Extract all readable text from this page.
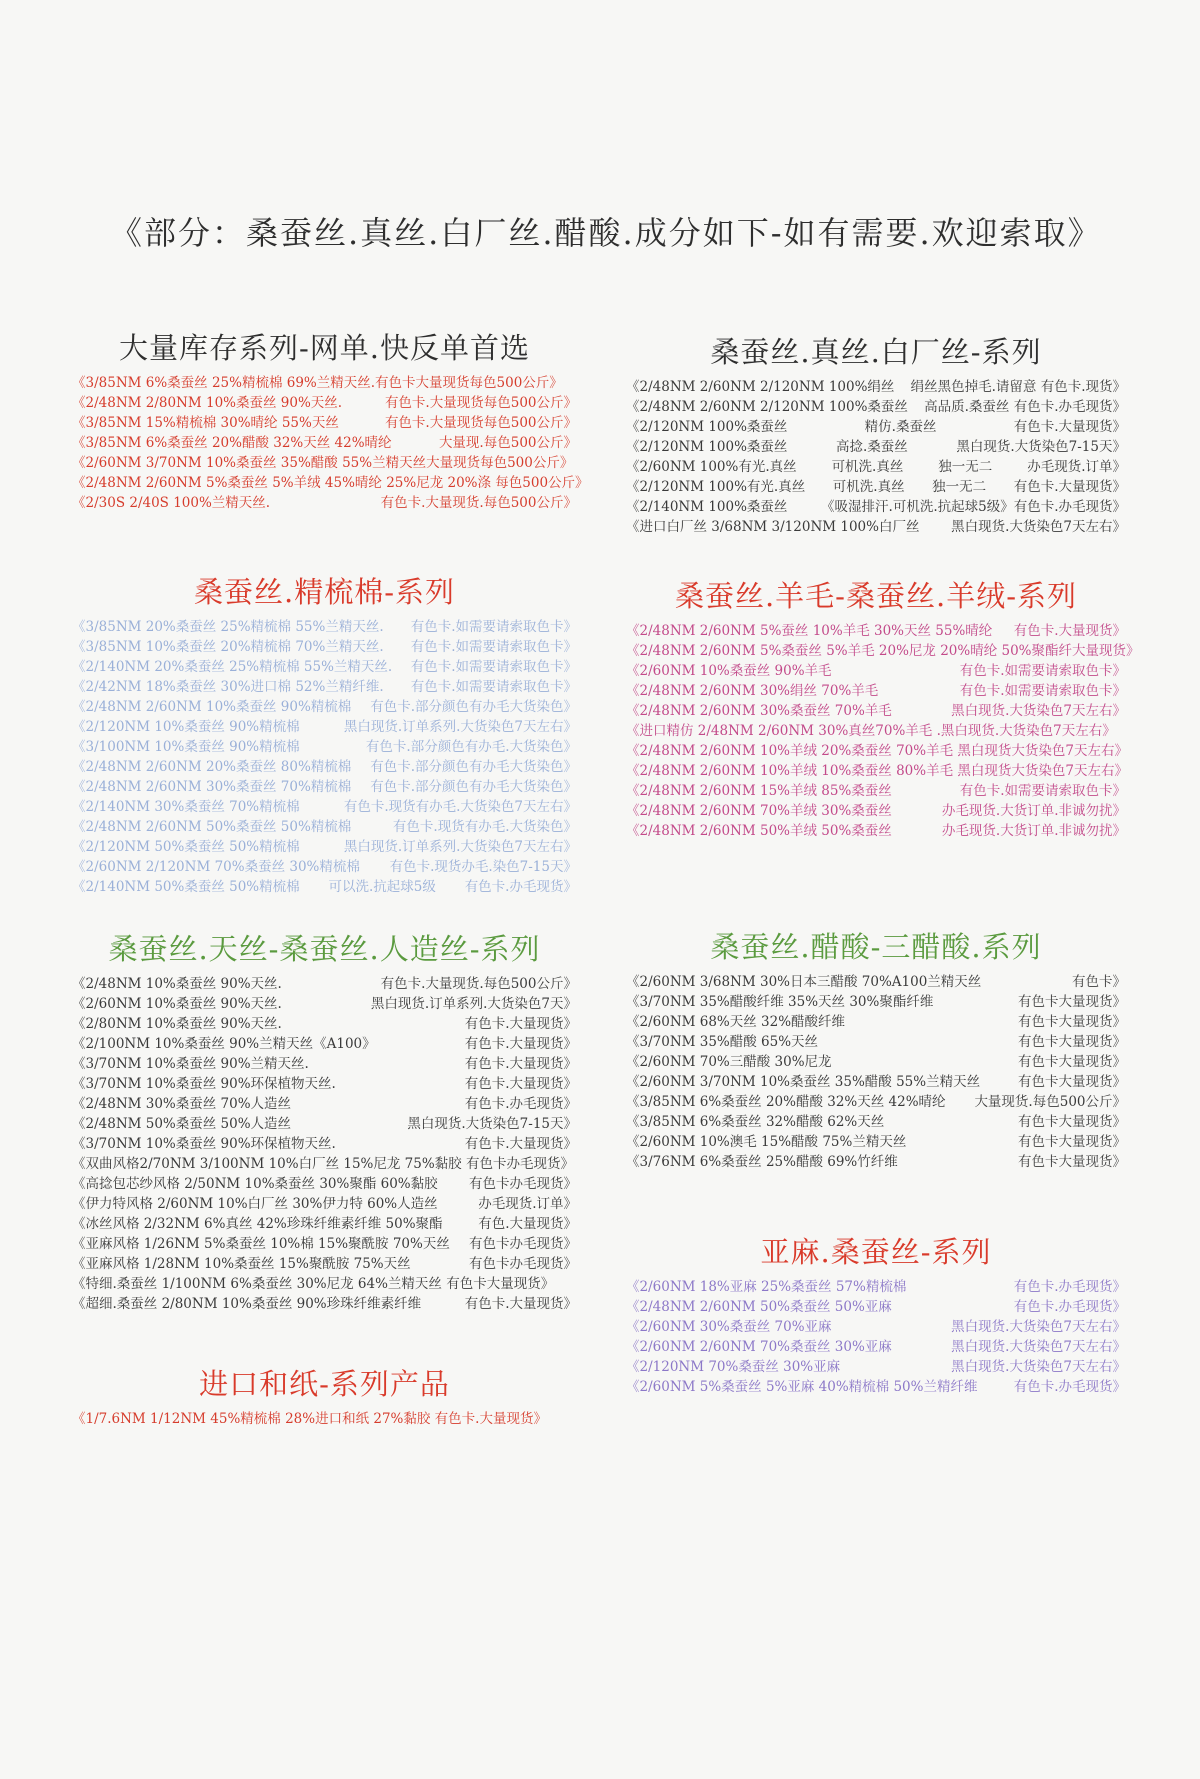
《部分：桑蚕丝.真丝.白厂丝.醋酸.成分如下-如有需要.欢迎索取》
大量库存系列-网单.快反单首选
《3/85NM 6%桑蚕丝 25%精梳棉 69%兰精天丝.有色卡大量现货每色500公斤》
《2/48NM 2/80NM 10%桑蚕丝 90%天丝.	有色卡.大量现货每色500公斤》
《3/85NM 15%精梳棉 30%晴纶 55%天丝	有色卡.大量现货每色500公斤》
《3/85NM 6%桑蚕丝 20%醋酸 32%天丝 42%晴纶	大量现.每色500公斤》
《2/60NM 3/70NM 10%桑蚕丝 35%醋酸 55%兰精天丝大量现货每色500公斤》
《2/48NM 2/60NM 5%桑蚕丝 5%羊绒 45%晴纶 25%尼龙 20%涤 每色500公斤》
《2/30S 2/40S 100%兰精天丝.	有色卡.大量现货.每色500公斤》
桑蚕丝.真丝.白厂丝-系列
《2/48NM 2/60NM 2/120NM 100%绢丝 绢丝黑色掉毛.请留意 有色卡.现货》
《2/48NM 2/60NM 2/120NM 100%桑蚕丝 高品质.桑蚕丝 有色卡.办毛现货》
《2/120NM 100%桑蚕丝	精仿.桑蚕丝	有色卡.大量现货》
《2/120NM 100%桑蚕丝	高捻.桑蚕丝	黑白现货.大货染色7-15天》
《2/60NM 100%有光.真丝	可机洗.真丝	独一无二	办毛现货.订单》
《2/120NM 100%有光.真丝 可机洗.真丝 独一无二 有色卡.大量现货》
《2/140NM 100%桑蚕丝 《吸湿排汗.可机洗.抗起球5级》有色卡.办毛现货》
《进口白厂丝 3/68NM 3/120NM 100%白厂丝 黑白现货.大货染色7天左右》
桑蚕丝.精梳棉-系列
《3/85NM 20%桑蚕丝 25%精梳棉 55%兰精天丝. 有色卡.如需要请索取色卡》
《3/85NM 10%桑蚕丝 20%精梳棉 70%兰精天丝. 有色卡.如需要请索取色卡》
《2/140NM 20%桑蚕丝 25%精梳棉 55%兰精天丝. 有色卡.如需要请索取色卡》
《2/42NM 18%桑蚕丝 30%进口棉 52%兰精纤维. 有色卡.如需要请索取色卡》
《2/48NM 2/60NM 10%桑蚕丝 90%精梳棉 有色卡.部分颜色有办毛大货染色》
《2/120NM 10%桑蚕丝 90%精梳棉	黑白现货.订单系列.大货染色7天左右》
《3/100NM 10%桑蚕丝 90%精梳棉	有色卡.部分颜色有办毛.大货染色》
《2/48NM 2/60NM 20%桑蚕丝 80%精梳棉 有色卡.部分颜色有办毛大货染色》
《2/48NM 2/60NM 30%桑蚕丝 70%精梳棉 有色卡.部分颜色有办毛大货染色》
《2/140NM 30%桑蚕丝 70%精梳棉	有色卡.现货有办毛.大货染色7天左右》
《2/48NM 2/60NM 50%桑蚕丝 50%精梳棉	有色卡.现货有办毛.大货染色》
《2/120NM 50%桑蚕丝 50%精梳棉	黑白现货.订单系列.大货染色7天左右》
《2/60NM 2/120NM 70%桑蚕丝 30%精梳棉 有色卡.现货办毛.染色7-15天》
《2/140NM 50%桑蚕丝 50%精梳棉 可以洗.抗起球5级 有色卡.办毛现货》
桑蚕丝.羊毛-桑蚕丝.羊绒-系列
《2/48NM 2/60NM 5%蚕丝 10%羊毛 30%天丝 55%晴纶 有色卡.大量现货》
《2/48NM 2/60NM 5%桑蚕丝 5%羊毛 20%尼龙 20%晴纶 50%聚酯纤 大量现货》
《2/60NM 10%桑蚕丝 90%羊毛	有色卡.如需要请索取色卡》
《2/48NM 2/60NM 30%绢丝 70%羊毛	有色卡.如需要请索取色卡》
《2/48NM 2/60NM 30%桑蚕丝 70%羊毛	黑白现货.大货染色7天左右》
《进口精仿 2/48NM 2/60NM 30%真丝70%羊毛 .黑白现货.大货染色7天左右》
《2/48NM 2/60NM 10%羊绒 20%桑蚕丝 70%羊毛 黑白现货大货染色7天左右》
《2/48NM 2/60NM 10%羊绒 10%桑蚕丝 80%羊毛 黑白现货大货染色7天左右》
《2/48NM 2/60NM 15%羊绒 85%桑蚕丝	有色卡.如需要请索取色卡》
《2/48NM 2/60NM 70%羊绒 30%桑蚕丝	办毛现货.大货订单.非诚勿扰》
《2/48NM 2/60NM 50%羊绒 50%桑蚕丝	办毛现货.大货订单.非诚勿扰》
桑蚕丝.天丝-桑蚕丝.人造丝-系列
《2/48NM 10%桑蚕丝 90%天丝.	有色卡.大量现货.每色500公斤》
《2/60NM 10%桑蚕丝 90%天丝.	黑白现货.订单系列.大货染色7天》
《2/80NM 10%桑蚕丝 90%天丝.	有色卡.大量现货》
《2/100NM 10%桑蚕丝 90%兰精天丝《A100》	有色卡.大量现货》
《3/70NM 10%桑蚕丝 90%兰精天丝.	有色卡.大量现货》
《3/70NM 10%桑蚕丝 90%环保植物天丝.	有色卡.大量现货》
《2/48NM 30%桑蚕丝 70%人造丝	有色卡.办毛现货》
《2/48NM 50%桑蚕丝 50%人造丝	黑白现货.大货染色7-15天》
《3/70NM 10%桑蚕丝 90%环保植物天丝.	有色卡.大量现货》
《双曲风格2/70NM 3/100NM 10%白厂丝 15%尼龙 75%黏胶 有色卡办毛现货》
《高捻包芯纱风格 2/50NM 10%桑蚕丝 30%聚酯 60%黏胶 有色卡办毛现货》
《伊力特风格 2/60NM 10%白厂丝 30%伊力特 60%人造丝	办毛现货.订单》
《冰丝风格 2/32NM 6%真丝 42%珍珠纤维素纤维 50%聚酯	有色.大量现货》
《亚麻风格 1/26NM 5%桑蚕丝 10%棉 15%聚酰胺 70%天丝 有色卡办毛现货》
《亚麻风格 1/28NM 10%桑蚕丝 15%聚酰胺 75%天丝	有色卡办毛现货》
《特细.桑蚕丝 1/100NM 6%桑蚕丝 30%尼龙 64%兰精天丝 有色卡大量现货》
《超细.桑蚕丝 2/80NM 10%桑蚕丝 90%珍珠纤维素纤维	有色卡.大量现货》
桑蚕丝.醋酸-三醋酸.系列
《2/60NM 3/68NM 30%日本三醋酸 70%A100兰精天丝	有色卡》
《3/70NM 35%醋酸纤维 35%天丝 30%聚酯纤维	有色卡大量现货》
《2/60NM 68%天丝 32%醋酸纤维	有色卡大量现货》
《3/70NM 35%醋酸 65%天丝	有色卡大量现货》
《2/60NM 70%三醋酸 30%尼龙	有色卡大量现货》
《2/60NM 3/70NM 10%桑蚕丝 35%醋酸 55%兰精天丝	有色卡大量现货》
《3/85NM 6%桑蚕丝 20%醋酸 32%天丝 42%晴纶 大量现货.每色500公斤》
《3/85NM 6%桑蚕丝 32%醋酸 62%天丝	有色卡大量现货》
《2/60NM 10%澳毛 15%醋酸 75%兰精天丝	有色卡大量现货》
《3/76NM 6%桑蚕丝 25%醋酸 69%竹纤维	有色卡大量现货》
亚麻.桑蚕丝-系列
《2/60NM 18%亚麻 25%桑蚕丝 57%精梳棉	有色卡.办毛现货》
《2/48NM 2/60NM 50%桑蚕丝 50%亚麻	有色卡.办毛现货》
《2/60NM 30%桑蚕丝 70%亚麻	黑白现货.大货染色7天左右》
《2/60NM 2/60NM 70%桑蚕丝 30%亚麻	黑白现货.大货染色7天左右》
《2/120NM 70%桑蚕丝 30%亚麻	黑白现货.大货染色7天左右》
《2/60NM 5%桑蚕丝 5%亚麻 40%精梳棉 50%兰精纤维	有色卡.办毛现货》
进口和纸-系列产品
《1/7.6NM 1/12NM 45%精梳棉 28%进口和纸 27%黏胶 有色卡.大量现货》
